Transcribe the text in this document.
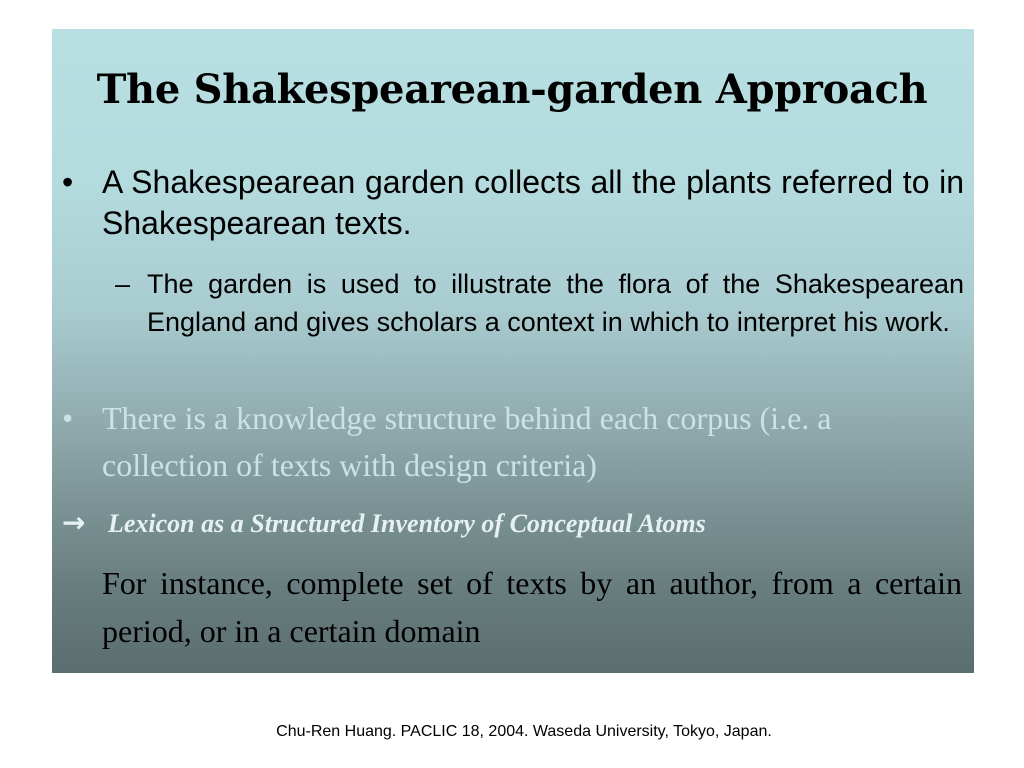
The Shakespearean-garden Approach
• A Shakespearean garden collects all the plants referred to in Shakespearean texts.
– The garden is used to illustrate the flora of the Shakespearean England and gives scholars a context in which to interpret his work.
• There is a knowledge structure behind each corpus (i.e. a collection of texts with design criteria)
→ Lexicon as a Structured Inventory of Conceptual Atoms
For instance, complete set of texts by an author, from a certain period, or in a certain domain
Chu-Ren Huang. PACLIC 18, 2004. Waseda University, Tokyo, Japan.
